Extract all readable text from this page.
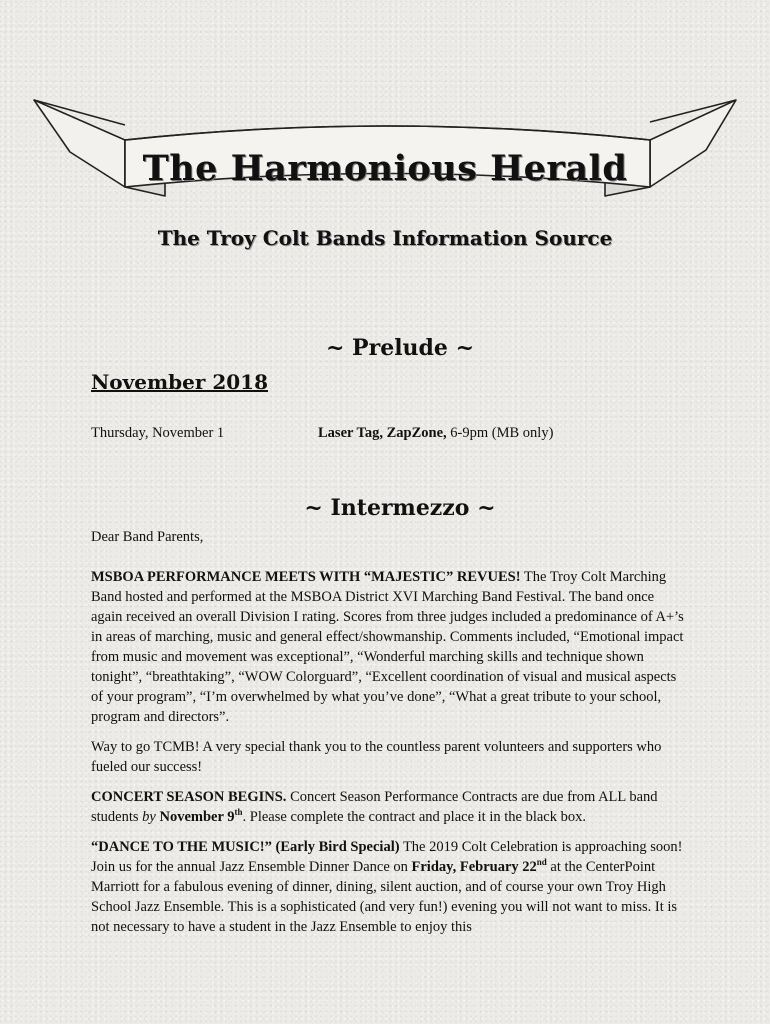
The Harmonious Herald
The Troy Colt Bands Information Source
~ Prelude ~
November 2018
Thursday, November 1	Laser Tag, ZapZone, 6-9pm (MB only)
~ Intermezzo ~

Dear Band Parents,

MSBOA PERFORMANCE MEETS WITH “MAJESTIC” REVUES! The Troy Colt Marching Band hosted and performed at the MSBOA District XVI Marching Band Festival. The band once again received an overall Division I rating. Scores from three judges included a predominance of A+’s in areas of marching, music and general effect/showmanship. Comments included, “Emotional impact from music and movement was exceptional”, “Wonderful marching skills and technique shown tonight”, “breathtaking”, “WOW Colorguard”, “Excellent coordination of visual and musical aspects of your program”, “I’m overwhelmed by what you’ve done”, “What a great tribute to your school, program and directors”.

Way to go TCMB! A very special thank you to the countless parent volunteers and supporters who fueled our success!

CONCERT SEASON BEGINS. Concert Season Performance Contracts are due from ALL band students by November 9th. Please complete the contract and place it in the black box.

“DANCE TO THE MUSIC!” (Early Bird Special) The 2019 Colt Celebration is approaching soon! Join us for the annual Jazz Ensemble Dinner Dance on Friday, February 22nd at the CenterPoint Marriott for a fabulous evening of dinner, dining, silent auction, and of course your own Troy High School Jazz Ensemble. This is a sophisticated (and very fun!) evening you will not want to miss. It is not necessary to have a student in the Jazz Ensemble to enjoy this
